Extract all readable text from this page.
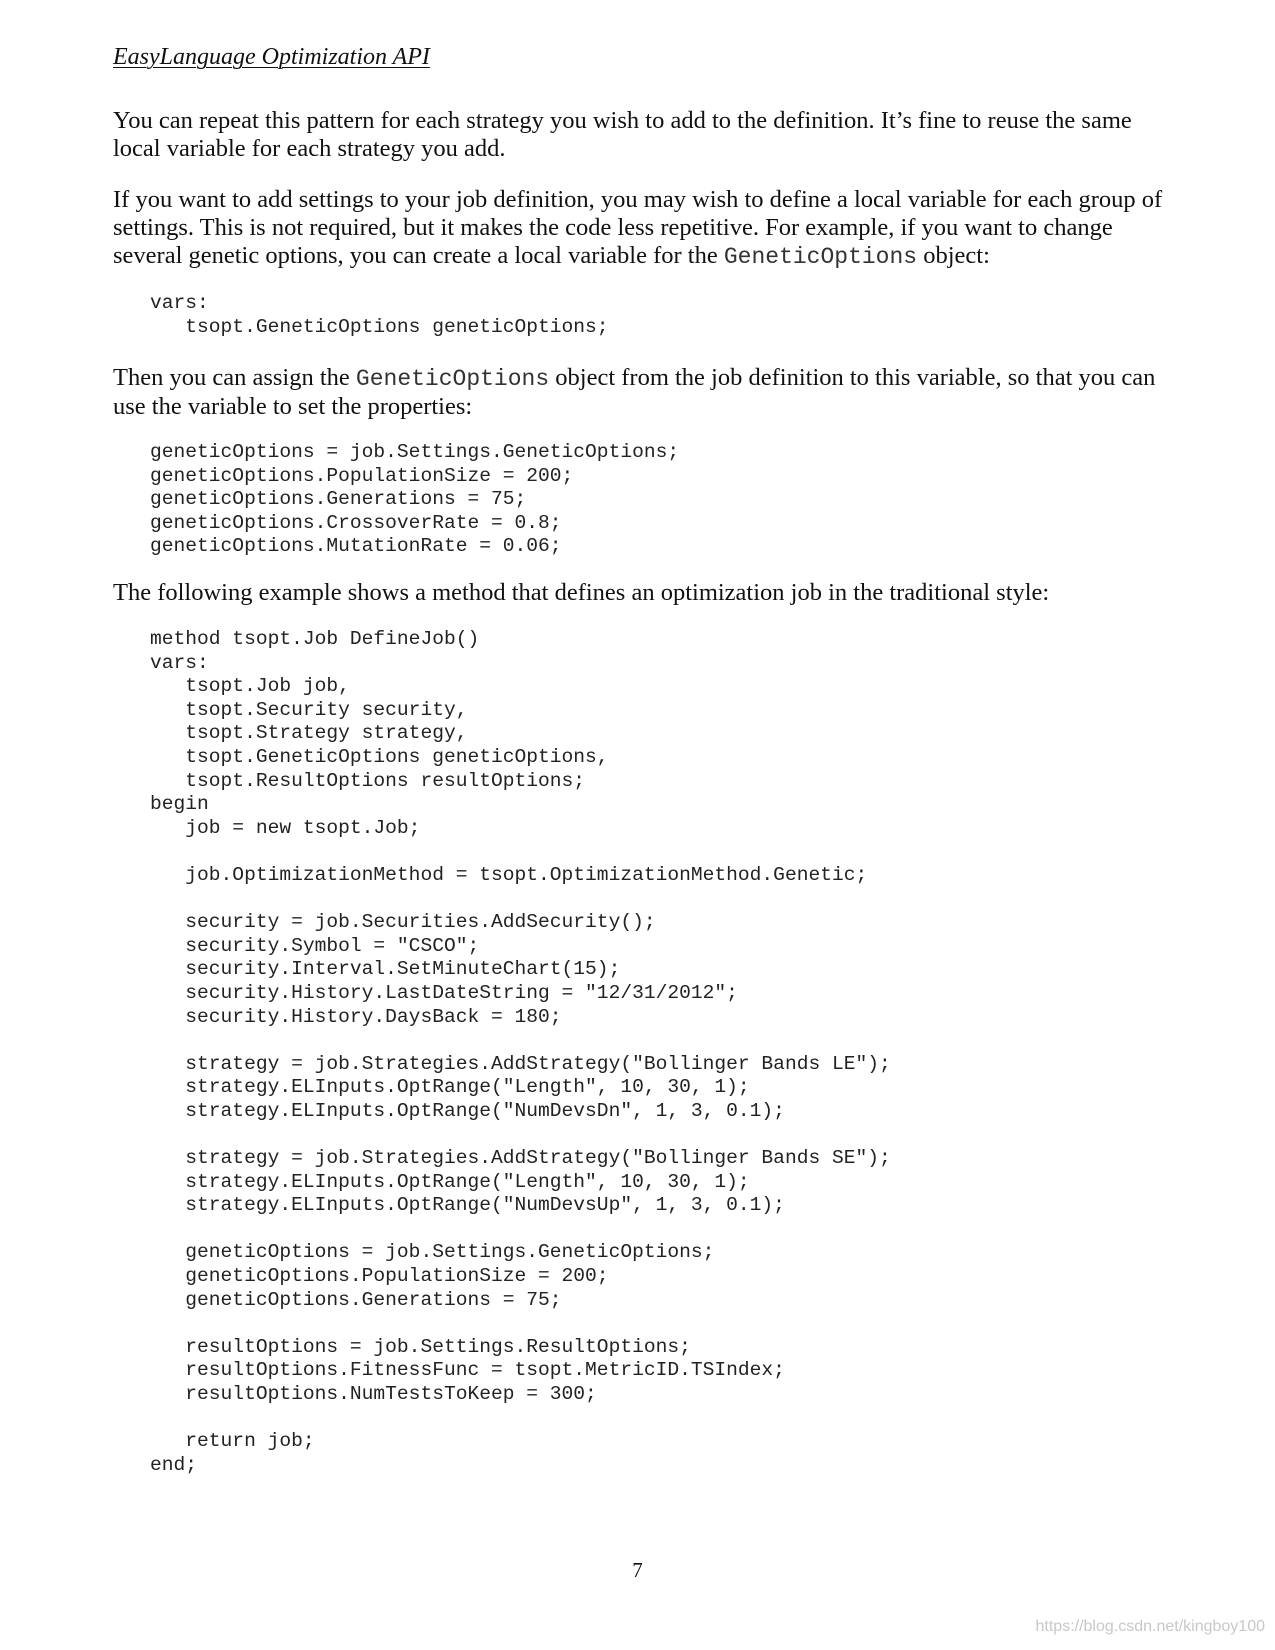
EasyLanguage Optimization API

You can repeat this pattern for each strategy you wish to add to the definition. It’s fine to reuse the same local variable for each strategy you add.

If you want to add settings to your job definition, you may wish to define a local variable for each group of settings. This is not required, but it makes the code less repetitive. For example, if you want to change several genetic options, you can create a local variable for the GeneticOptions object:

vars:
tsopt.GeneticOptions geneticOptions;

Then you can assign the GeneticOptions object from the job definition to this variable, so that you can use the variable to set the properties:

geneticOptions = job.Settings.GeneticOptions;
geneticOptions.PopulationSize = 200;
geneticOptions.Generations = 75;
geneticOptions.CrossoverRate = 0.8;
geneticOptions.MutationRate = 0.06;

The following example shows a method that defines an optimization job in the traditional style:

method tsopt.Job DefineJob()
vars:
tsopt.Job job,
tsopt.Security security,
tsopt.Strategy strategy,
tsopt.GeneticOptions geneticOptions,
tsopt.ResultOptions resultOptions;
begin
job = new tsopt.Job;

job.OptimizationMethod = tsopt.OptimizationMethod.Genetic;

security = job.Securities.AddSecurity();
security.Symbol = "CSCO";
security.Interval.SetMinuteChart(15);
security.History.LastDateString = "12/31/2012";
security.History.DaysBack = 180;

strategy = job.Strategies.AddStrategy("Bollinger Bands LE");
strategy.ELInputs.OptRange("Length", 10, 30, 1);
strategy.ELInputs.OptRange("NumDevsDn", 1, 3, 0.1);

strategy = job.Strategies.AddStrategy("Bollinger Bands SE");
strategy.ELInputs.OptRange("Length", 10, 30, 1);
strategy.ELInputs.OptRange("NumDevsUp", 1, 3, 0.1);

geneticOptions = job.Settings.GeneticOptions;
geneticOptions.PopulationSize = 200;
geneticOptions.Generations = 75;

resultOptions = job.Settings.ResultOptions;
resultOptions.FitnessFunc = tsopt.MetricID.TSIndex;
resultOptions.NumTestsToKeep = 300;

return job;
end;
7
https://blog.csdn.net/kingboy100
